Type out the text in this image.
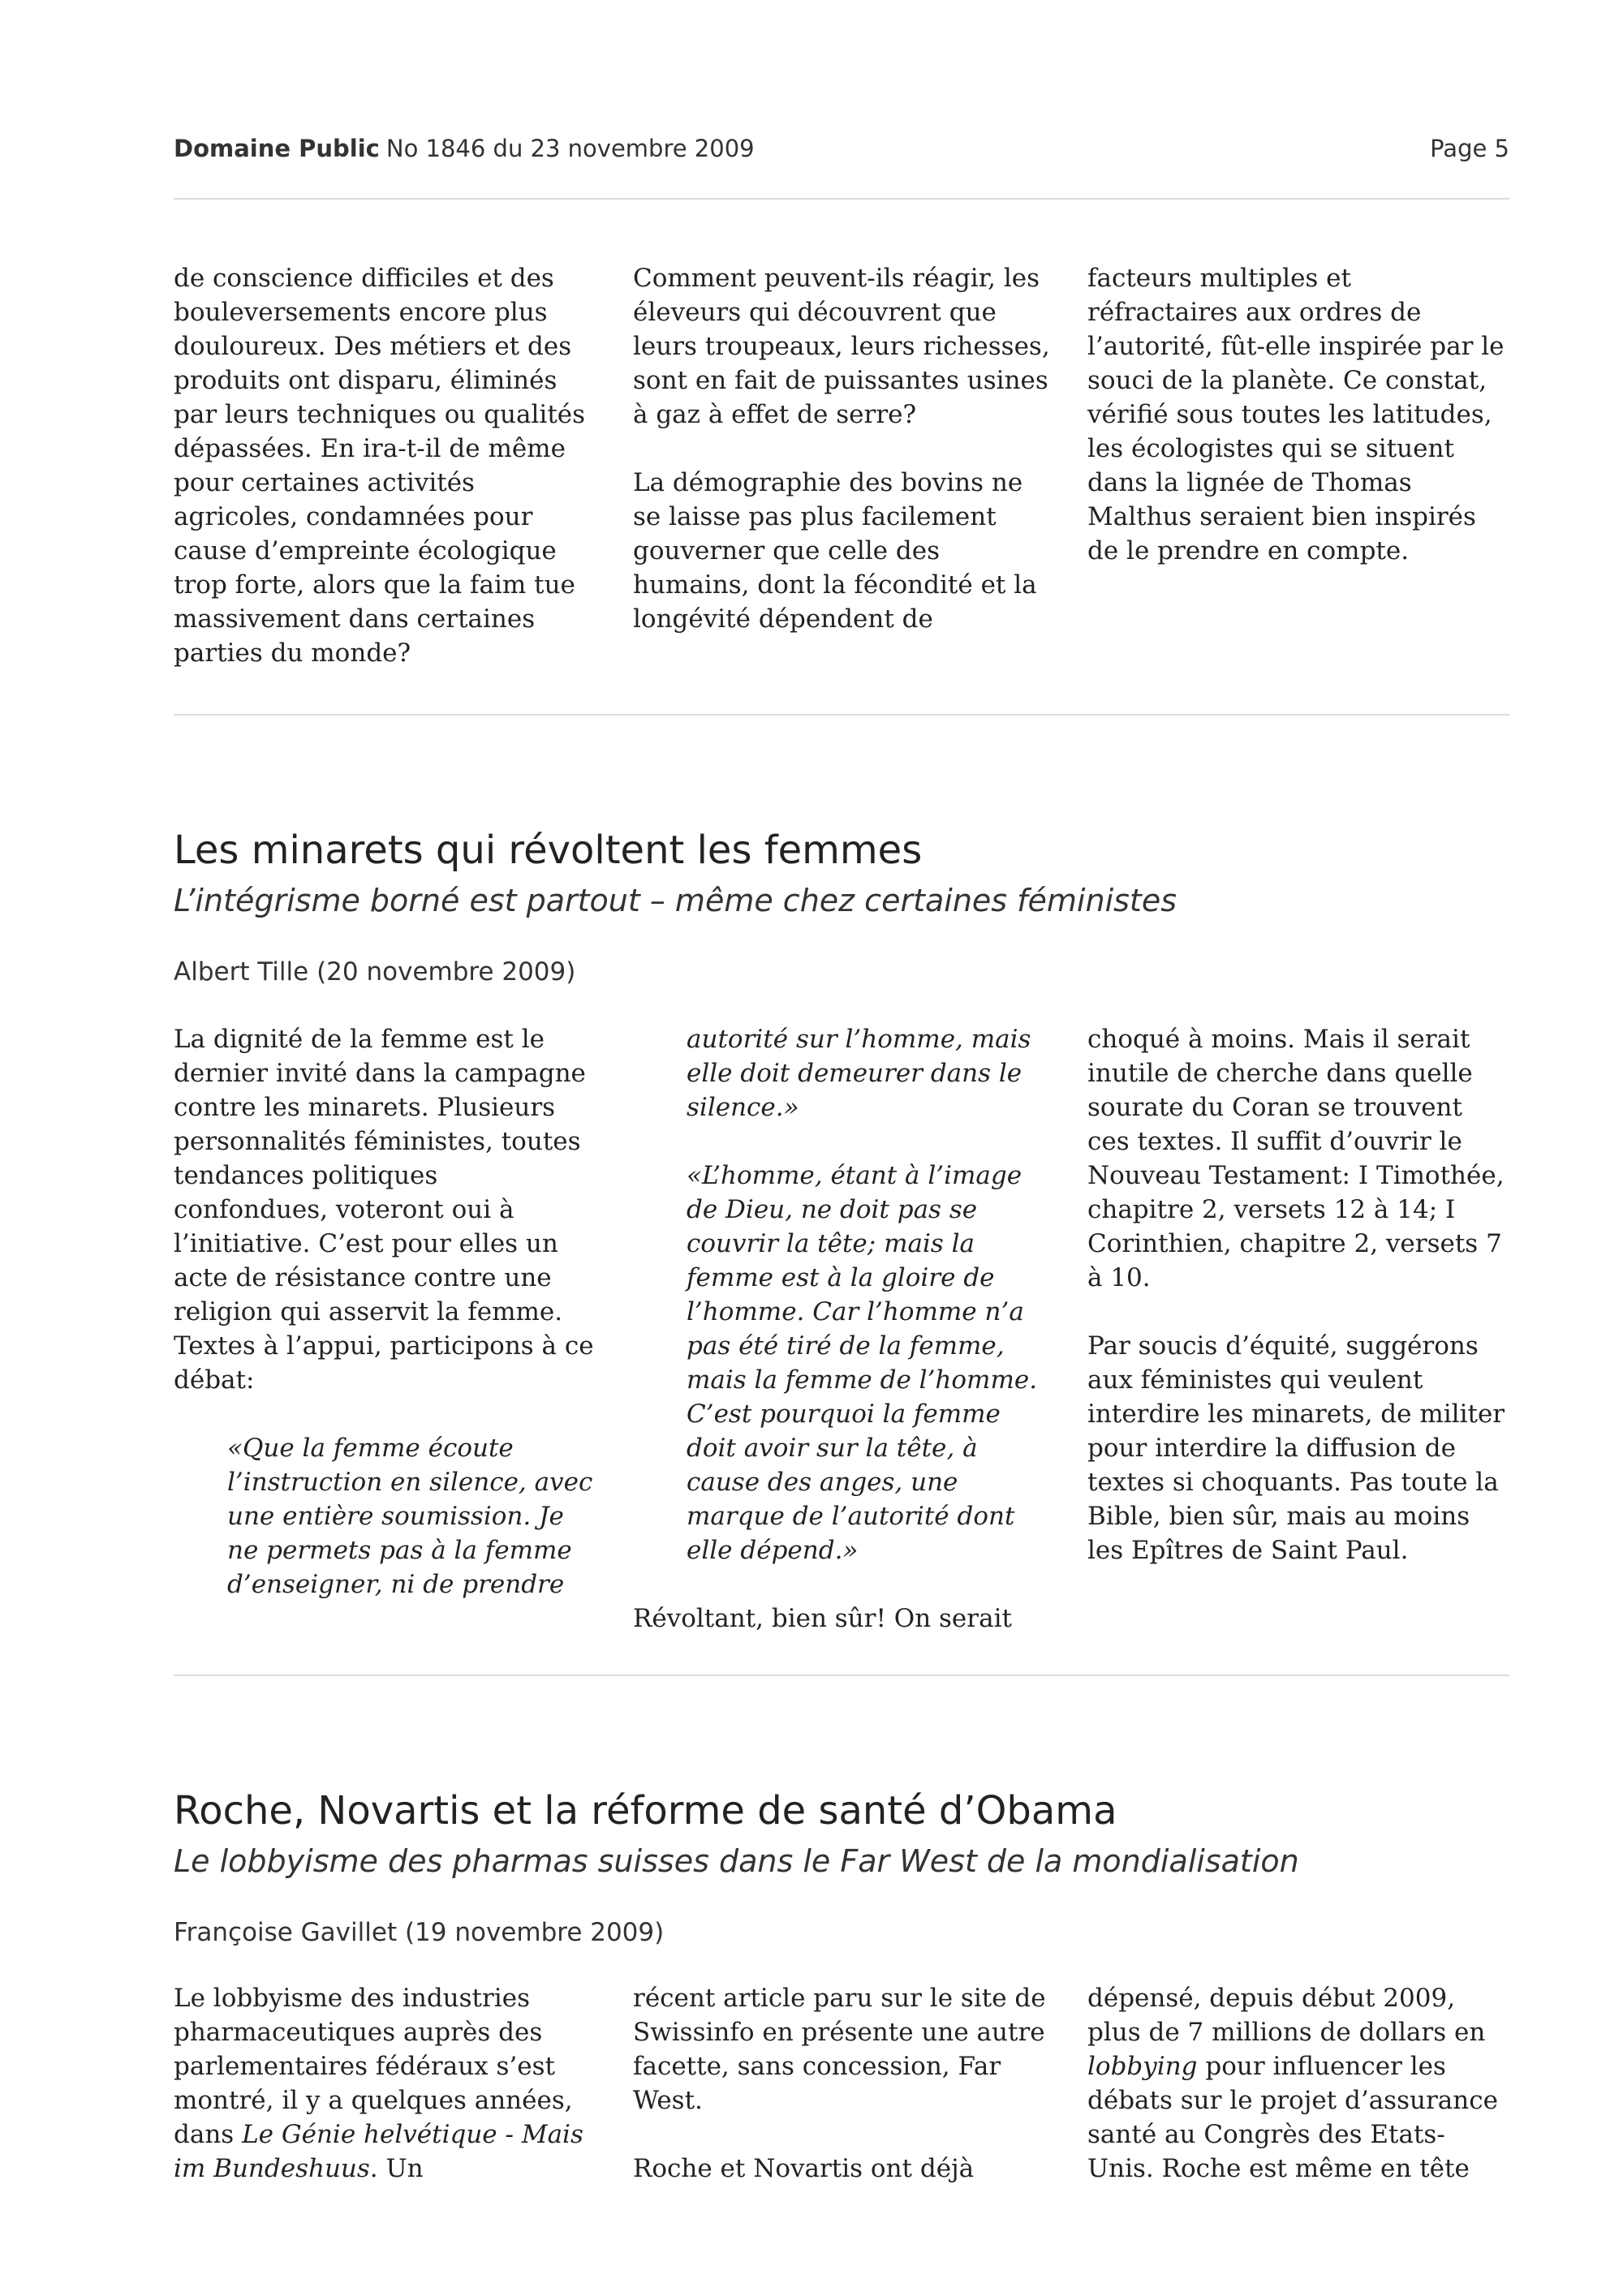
Domaine Public No 1846 du 23 novembre 2009	Page 5

de conscience difficiles et des bouleversements encore plus douloureux. Des métiers et des produits ont disparu, éliminés par leurs techniques ou qualités dépassées. En ira-t-il de même pour certaines activités agricoles, condamnées pour cause d’empreinte écologique trop forte, alors que la faim tue massivement dans certaines parties du monde?

Comment peuvent-ils réagir, les éleveurs qui découvrent que leurs troupeaux, leurs richesses, sont en fait de puissantes usines à gaz à effet de serre?

La démographie des bovins ne se laisse pas plus facilement gouverner que celle des humains, dont la fécondité et la longévité dépendent de

facteurs multiples et réfractaires aux ordres de l’autorité, fût-elle inspirée par le souci de la planète. Ce constat, vérifié sous toutes les latitudes, les écologistes qui se situent dans la lignée de Thomas Malthus seraient bien inspirés de le prendre en compte.

Les minarets qui révoltent les femmes
L’intégrisme borné est partout – même chez certaines féministes
Albert Tille (20 novembre 2009)

La dignité de la femme est le dernier invité dans la campagne contre les minarets. Plusieurs personnalités féministes, toutes tendances politiques confondues, voteront oui à l’initiative. C’est pour elles un acte de résistance contre une religion qui asservit la femme. Textes à l’appui, participons à ce débat:

«Que la femme écoute l’instruction en silence, avec une entière soumission. Je ne permets pas à la femme d’enseigner, ni de prendre

autorité sur l’homme, mais elle doit demeurer dans le silence.»

«L’homme, étant à l’image de Dieu, ne doit pas se couvrir la tête; mais la femme est à la gloire de l’homme. Car l’homme n’a pas été tiré de la femme, mais la femme de l’homme. C’est pourquoi la femme doit avoir sur la tête, à cause des anges, une marque de l’autorité dont elle dépend.»

Révoltant, bien sûr! On serait

choqué à moins. Mais il serait inutile de cherche dans quelle sourate du Coran se trouvent ces textes. Il suffit d’ouvrir le Nouveau Testament: I Timothée, chapitre 2, versets 12 à 14; I Corinthien, chapitre 2, versets 7 à 10.

Par soucis d’équité, suggérons aux féministes qui veulent interdire les minarets, de militer pour interdire la diffusion de textes si choquants. Pas toute la Bible, bien sûr, mais au moins les Epîtres de Saint Paul.

Roche, Novartis et la réforme de santé d’Obama
Le lobbyisme des pharmas suisses dans le Far West de la mondialisation
Françoise Gavillet (19 novembre 2009)

Le lobbyisme des industries pharmaceutiques auprès des parlementaires fédéraux s’est montré, il y a quelques années, dans Le Génie helvétique - Mais im Bundeshuus. Un

récent article paru sur le site de Swissinfo en présente une autre facette, sans concession, Far West.

Roche et Novartis ont déjà

dépensé, depuis début 2009, plus de 7 millions de dollars en lobbying pour influencer les débats sur le projet d’assurance santé au Congrès des Etats-Unis. Roche est même en tête
